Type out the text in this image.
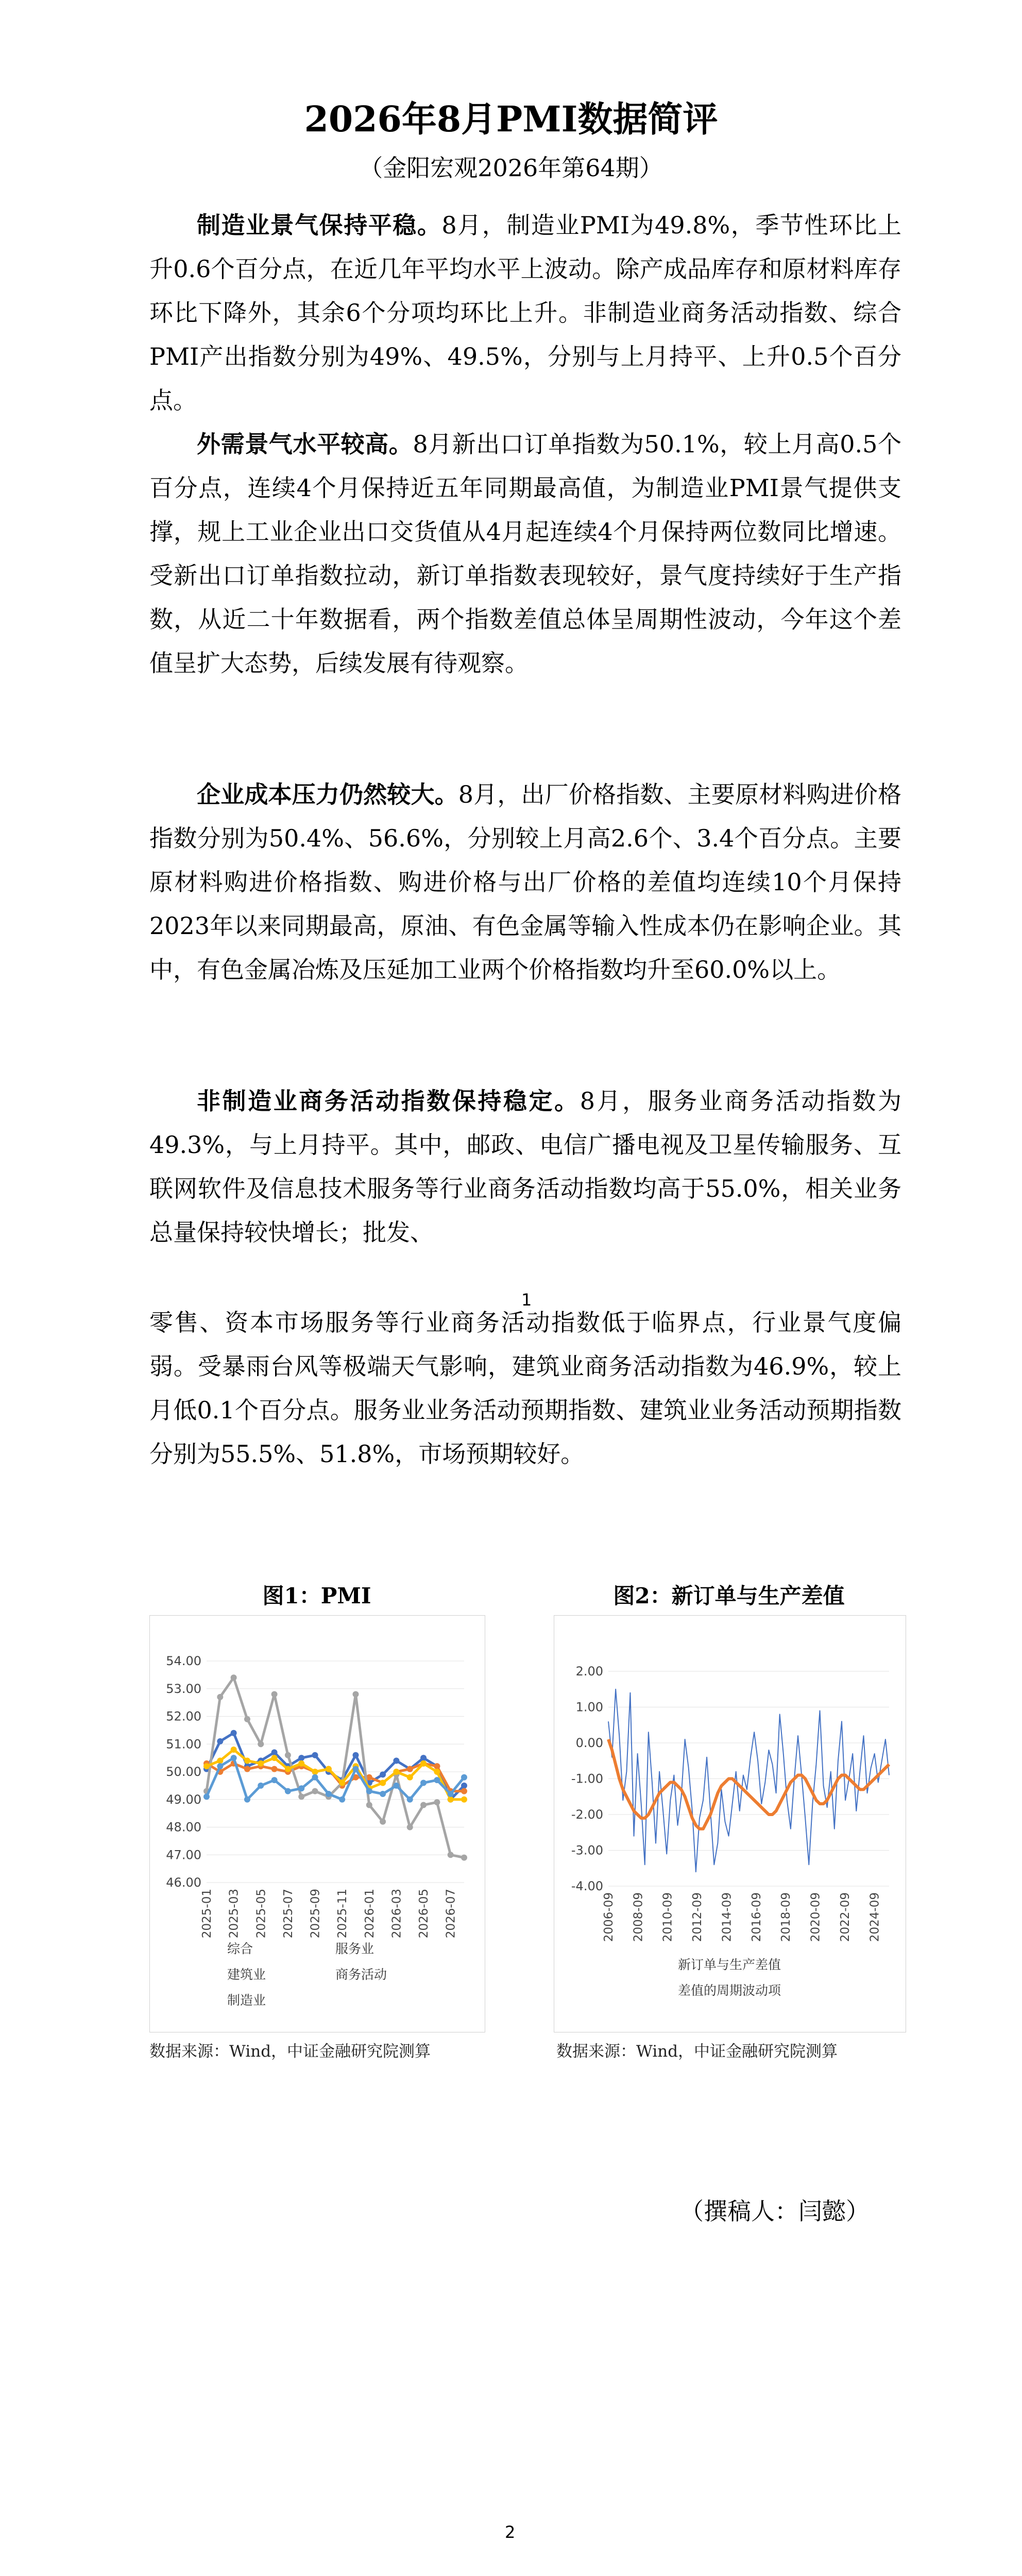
2026年8月PMI数据简评
（金阳宏观2026年第64期）
制造业景气保持平稳。8月，制造业PMI为49.8%，季节性环比上升0.6个百分点，在近几年平均水平上波动。除产成品库存和原材料库存环比下降外，其余6个分项均环比上升。非制造业商务活动指数、综合PMI产出指数分别为49%、49.5%，分别与上月持平、上升0.5个百分点。
外需景气水平较高。8月新出口订单指数为50.1%，较上月高0.5个百分点，连续4个月保持近五年同期最高值，为制造业PMI景气提供支撑，规上工业企业出口交货值从4月起连续4个月保持两位数同比增速。受新出口订单指数拉动，新订单指数表现较好，景气度持续好于生产指数，从近二十年数据看，两个指数差值总体呈周期性波动，今年这个差值呈扩大态势，后续发展有待观察。
企业成本压力仍然较大。8月，出厂价格指数、主要原材料购进价格指数分别为50.4%、56.6%，分别较上月高2.6个、3.4个百分点。主要原材料购进价格指数、购进价格与出厂价格的差值均连续10个月保持2023年以来同期最高，原油、有色金属等输入性成本仍在影响企业。其中，有色金属冶炼及压延加工业两个价格指数均升至60.0%以上。
非制造业商务活动指数保持稳定。8月，服务业商务活动指数为49.3%，与上月持平。其中，邮政、电信广播电视及卫星传输服务、互联网软件及信息技术服务等行业商务活动指数均高于55.0%，相关业务总量保持较快增长；批发、
1
零售、资本市场服务等行业商务活动指数低于临界点，行业景气度偏弱。受暴雨台风等极端天气影响，建筑业商务活动指数为46.9%，较上月低0.1个百分点。服务业业务活动预期指数、建筑业业务活动预期指数分别为55.5%、51.8%，市场预期较好。
图1：PMI	图2：新订单与生产差值
46.00
47.00
48.00
49.00
50.00
51.00
52.00
53.00
54.00
2025-01 2025-03 2025-05 2025-07 2025-09 2025-11 2026-01 2026-03 2026-05 2026-07
综合	服务业
建筑业	商务活动
制造业
2.00
1.00
0.00
-1.00
-2.00
-3.00
-4.00
2006-09 2008-09 2010-09 2012-09 2014-09 2016-09 2018-09 2020-09 2022-09 2024-09
新订单与生产差值
差值的周期波动项
数据来源：Wind，中证金融研究院测算	数据来源：Wind，中证金融研究院测算
（撰稿人：闫懿）
2
